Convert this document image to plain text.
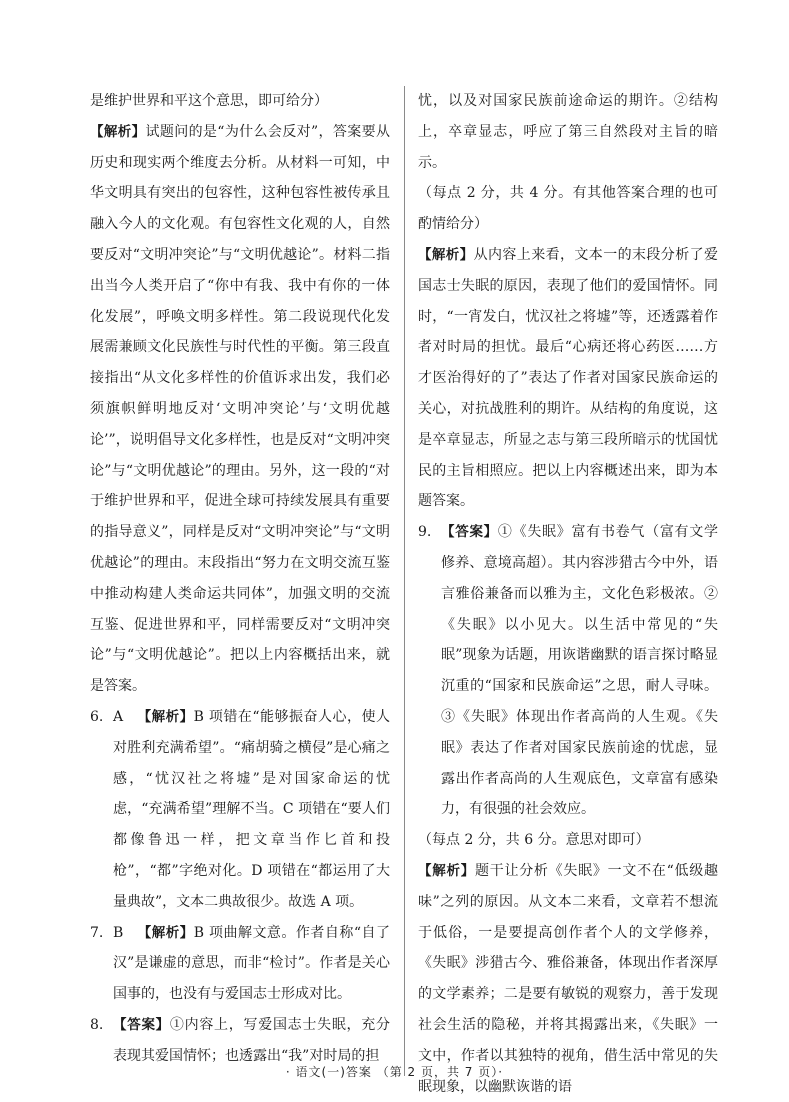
是维护世界和平这个意思，即可给分）

【解析】试题问的是“为什么会反对”，答案要从历史和现实两个维度去分析。从材料一可知，中华文明具有突出的包容性，这种包容性被传承且融入今人的文化观。有包容性文化观的人，自然要反对“文明冲突论”与“文明优越论”。材料二指出当今人类开启了“你中有我、我中有你的一体化发展”，呼唤文明多样性。第二段说现代化发展需兼顾文化民族性与时代性的平衡。第三段直接指出“从文化多样性的价值诉求出发，我们必须旗帜鲜明地反对‘文明冲突论’与‘文明优越论’”，说明倡导文化多样性，也是反对“文明冲突论”与“文明优越论”的理由。另外，这一段的“对于维护世界和平，促进全球可持续发展具有重要的指导意义”，同样是反对“文明冲突论”与“文明优越论”的理由。末段指出“努力在文明交流互鉴中推动构建人类命运共同体”，加强文明的交流互鉴、促进世界和平，同样需要反对“文明冲突论”与“文明优越论”。把以上内容概括出来，就是答案。

6. A  【解析】B 项错在“能够振奋人心，使人对胜利充满希望”。“痛胡骑之横侵”是心痛之感，“忧汉社之将墟”是对国家命运的忧虑，“充满希望”理解不当。C 项错在“要人们都像鲁迅一样，把文章当作匕首和投枪”，“都”字绝对化。D 项错在“都运用了大量典故”，文本二典故很少。故选 A 项。

7. B  【解析】B 项曲解文意。作者自称“自了汉”是谦虚的意思，而非“检讨”。作者是关心国事的，也没有与爱国志士形成对比。

8. 【答案】①内容上，写爱国志士失眠，充分表现其爱国情怀；也透露出“我”对时局的担

忧，以及对国家民族前途命运的期许。②结构上，卒章显志，呼应了第三自然段对主旨的暗示。

（每点 2 分，共 4 分。有其他答案合理的也可酌情给分）

【解析】从内容上来看，文本一的末段分析了爱国志士失眠的原因，表现了他们的爱国情怀。同时，“一宵发白，忧汉社之将墟”等，还透露着作者对时局的担忧。最后“心病还将心药医……方才医治得好的了”表达了作者对国家民族命运的关心，对抗战胜利的期许。从结构的角度说，这是卒章显志，所显之志与第三段所暗示的忧国忧民的主旨相照应。把以上内容概述出来，即为本题答案。

9. 【答案】①《失眠》富有书卷气（富有文学修养、意境高超）。其内容涉猎古今中外，语言雅俗兼备而以雅为主，文化色彩极浓。②《失眠》以小见大。以生活中常见的“失眠”现象为话题，用诙谐幽默的语言探讨略显沉重的“国家和民族命运”之思，耐人寻味。③《失眠》体现出作者高尚的人生观。《失眠》表达了作者对国家民族前途的忧虑，显露出作者高尚的人生观底色，文章富有感染力，有很强的社会效应。

（每点 2 分，共 6 分。意思对即可）

【解析】题干让分析《失眠》一文不在“低级趣味”之列的原因。从文本二来看，文章若不想流于低俗，一是要提高创作者个人的文学修养，《失眠》涉猎古今、雅俗兼备，体现出作者深厚的文学素养；二是要有敏锐的观察力，善于发现社会生活的隐秘，并将其揭露出来，《失眠》一文中，作者以其独特的视角，借生活中常见的失眠现象，以幽默诙谐的语

· 语文(一)答案 （第 2 页，共 7 页）·
